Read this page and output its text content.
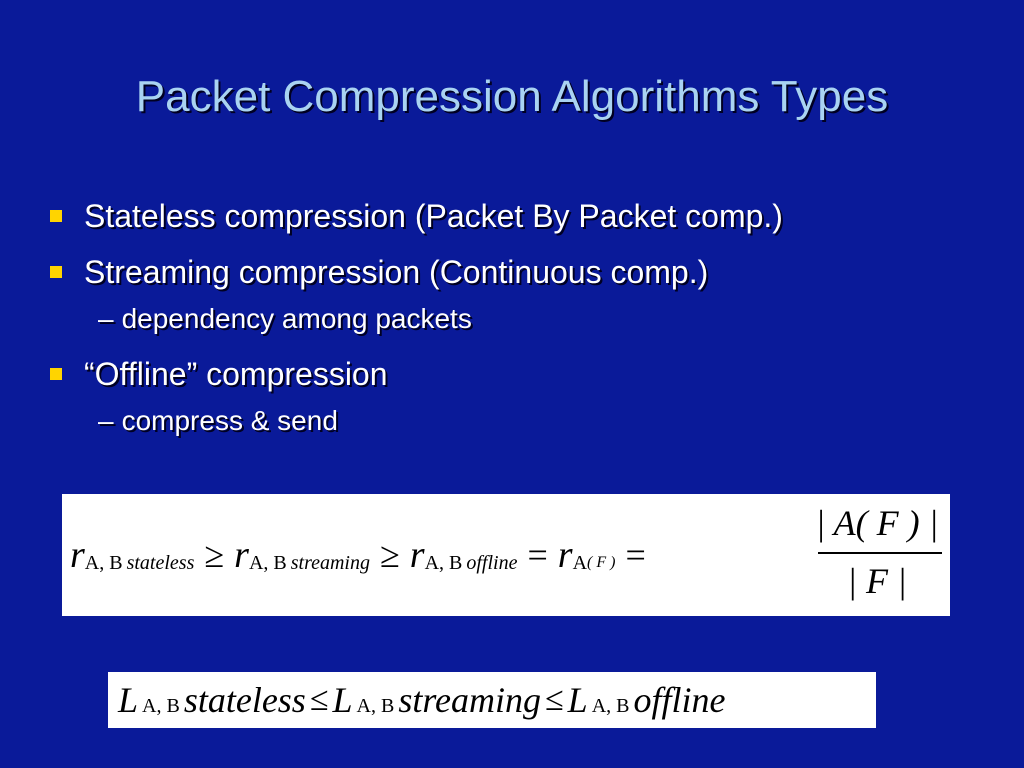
Packet Compression Algorithms Types
Stateless compression (Packet By Packet comp.)
Streaming compression (Continuous comp.)
– dependency among packets
“Offline” compression
– compress & send
r A, B stateless ≥ r A, B streaming ≥ r A, B offline = r A ( F ) =
| A( F ) |
| F |
L A, B stateless ≤ L A, B streaming ≤ L A, B offline
